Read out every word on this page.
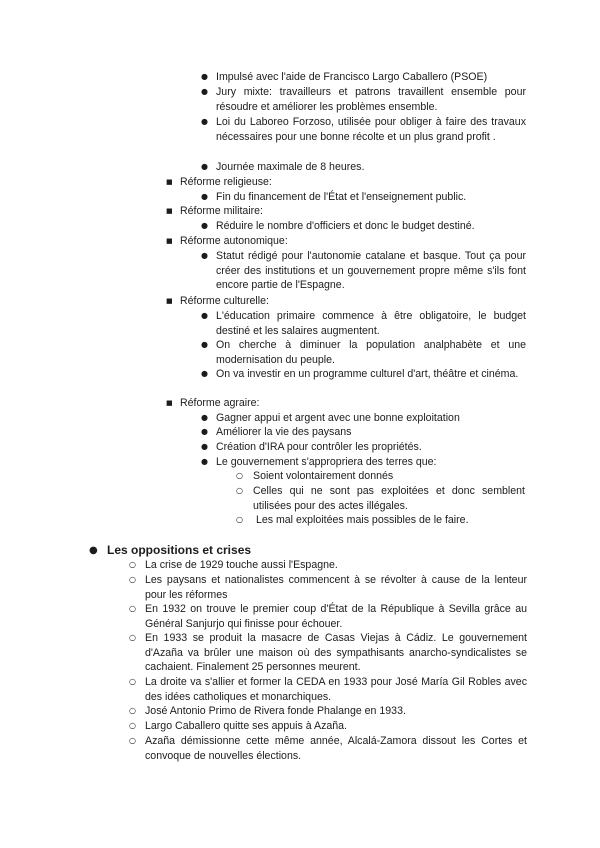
● Impulsé avec l'aide de Francisco Largo Caballero (PSOE)
● Jury mixte: travailleurs et patrons travaillent ensemble pour résoudre et améliorer les problèmes ensemble.
● Loi du Laboreo Forzoso, utilisée pour obliger à faire des travaux nécessaires pour une bonne récolte et un plus grand profit .
● Journée maximale de 8 heures.
■ Réforme religieuse:
● Fin du financement de l'État et l'enseignement public.
■ Réforme militaire:
● Réduire le nombre d'officiers et donc le budget destiné.
■ Réforme autonomique:
● Statut rédigé pour l'autonomie catalane et basque. Tout ça pour créer des institutions et un gouvernement propre même s'ils font encore partie de l'Espagne.
■ Réforme culturelle:
● L'éducation primaire commence à être obligatoire, le budget destiné et les salaires augmentent.
● On cherche à diminuer la population analphabète et une modernisation du peuple.
● On va investir en un programme culturel d'art, théâtre et cinéma.
■ Réforme agraire:
● Gagner appui et argent avec une bonne exploitation
● Améliorer la vie des paysans
● Création d'IRA pour contrôler les propriétés.
● Le gouvernement s'appropriera des terres que:
○ Soient volontairement donnés
○ Celles qui ne sont pas exploitées et donc semblent utilisées pour des actes illégales.
○ Les mal exploitées mais possibles de le faire.
● Les oppositions et crises
○ La crise de 1929 touche aussi l'Espagne.
○ Les paysans et nationalistes commencent à se révolter à cause de la lenteur pour les réformes
○ En 1932 on trouve le premier coup d'État de la République à Sevilla grâce au Général Sanjurjo qui finisse pour échouer.
○ En 1933 se produit la masacre de Casas Viejas à Cádiz. Le gouvernement d'Azaña va brûler une maison où des sympathisants anarcho-syndicalistes se cachaient. Finalement 25 personnes meurent.
○ La droite va s'allier et former la CEDA en 1933 pour José María Gil Robles avec des idées catholiques et monarchiques.
○ José Antonio Primo de Rivera fonde Phalange en 1933.
○ Largo Caballero quitte ses appuis à Azaña.
○ Azaña démissionne cette même année, Alcalá-Zamora dissout les Cortes et convoque de nouvelles élections.
